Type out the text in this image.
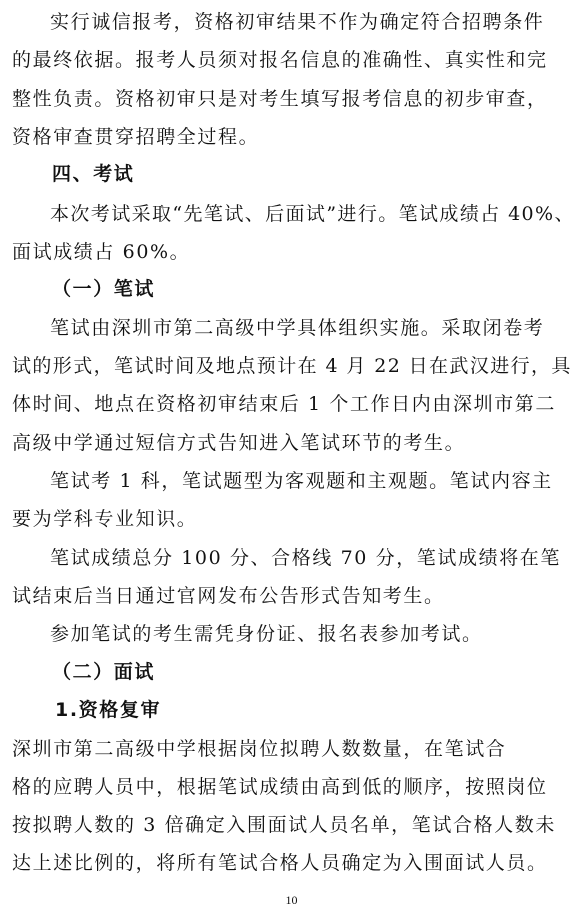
实行诚信报考，资格初审结果不作为确定符合招聘条件
的最终依据。报考人员须对报名信息的准确性、真实性和完
整性负责。资格初审只是对考生填写报考信息的初步审查，
资格审查贯穿招聘全过程。
四、考试
本次考试采取“先笔试、后面试”进行。笔试成绩占 40%、
面试成绩占 60%。
（一）笔试
笔试由深圳市第二高级中学具体组织实施。采取闭卷考
试的形式，笔试时间及地点预计在 4 月 22 日在武汉进行，具
体时间、地点在资格初审结束后 1 个工作日内由深圳市第二
高级中学通过短信方式告知进入笔试环节的考生。
笔试考 1 科，笔试题型为客观题和主观题。笔试内容主
要为学科专业知识。
笔试成绩总分 100 分、合格线 70 分，笔试成绩将在笔
试结束后当日通过官网发布公告形式告知考生。
参加笔试的考生需凭身份证、报名表参加考试。
（二）面试
1.资格复审
深圳市第二高级中学根据岗位拟聘人数数量，在笔试合
格的应聘人员中，根据笔试成绩由高到低的顺序，按照岗位
按拟聘人数的 3 倍确定入围面试人员名单，笔试合格人数未
达上述比例的，将所有笔试合格人员确定为入围面试人员。
10
